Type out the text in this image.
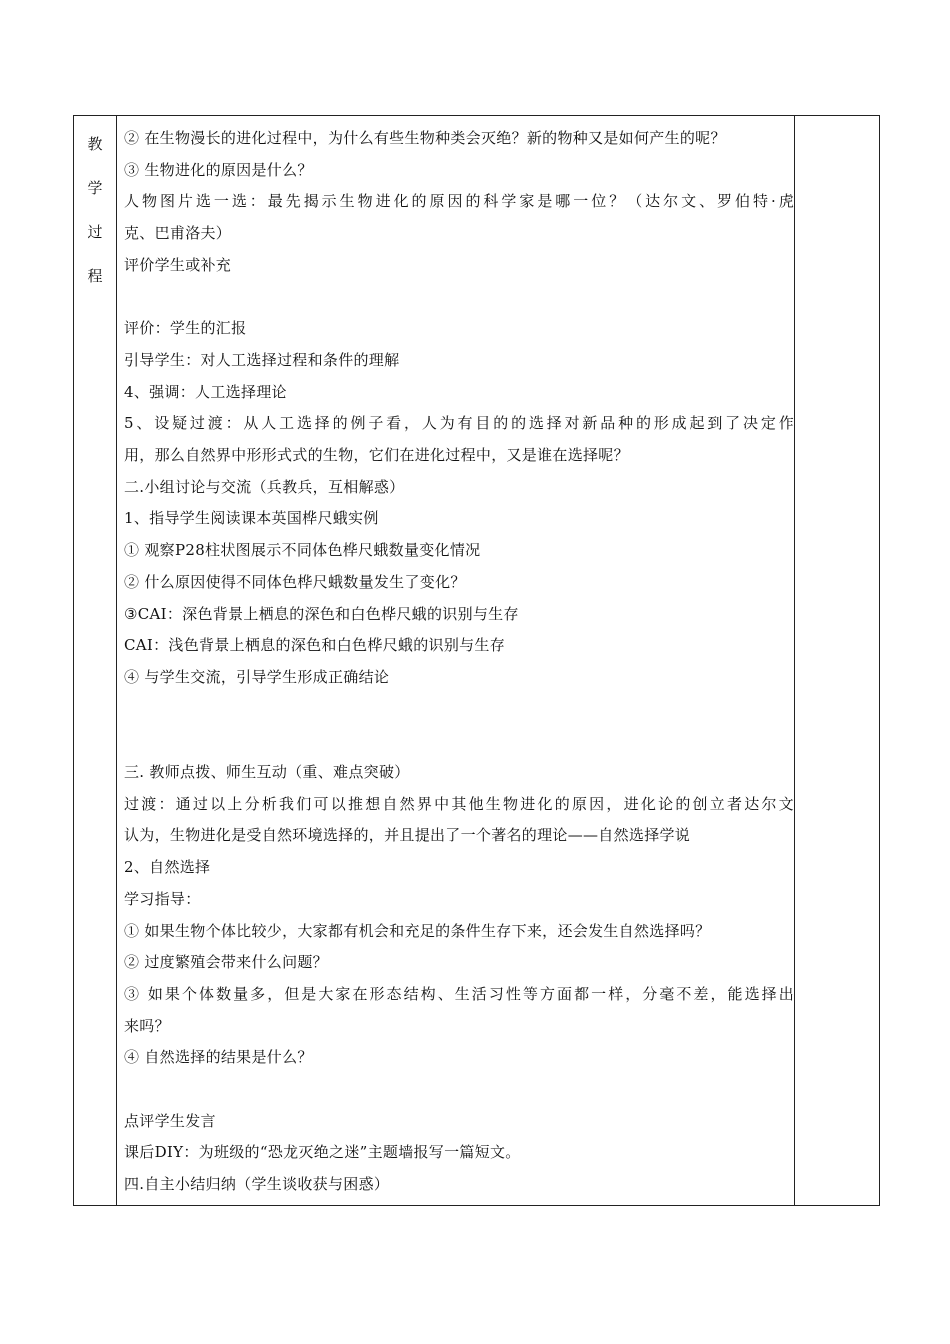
教
学
过
程
② 在生物漫长的进化过程中，为什么有些生物种类会灭绝？新的物种又是如何产生的呢？
③ 生物进化的原因是什么？
人物图片选一选：最先揭示生物进化的原因的科学家是哪一位？（达尔文、罗伯特·虎
克、巴甫洛夫）
评价学生或补充
评价：学生的汇报
引导学生：对人工选择过程和条件的理解
4、强调：人工选择理论
5、设疑过渡：从人工选择的例子看，人为有目的的选择对新品种的形成起到了决定作
用，那么自然界中形形式式的生物，它们在进化过程中，又是谁在选择呢？
二.小组讨论与交流（兵教兵，互相解惑）
1、指导学生阅读课本英国桦尺蛾实例
① 观察P28柱状图展示不同体色桦尺蛾数量变化情况
② 什么原因使得不同体色桦尺蛾数量发生了变化？
③CAI：深色背景上栖息的深色和白色桦尺蛾的识别与生存
CAI：浅色背景上栖息的深色和白色桦尺蛾的识别与生存
④ 与学生交流，引导学生形成正确结论
三. 教师点拨、师生互动（重、难点突破）
过渡：通过以上分析我们可以推想自然界中其他生物进化的原因，进化论的创立者达尔文
认为，生物进化是受自然环境选择的，并且提出了一个著名的理论——自然选择学说
2、自然选择
学习指导：
① 如果生物个体比较少，大家都有机会和充足的条件生存下来，还会发生自然选择吗？
② 过度繁殖会带来什么问题？
③ 如果个体数量多，但是大家在形态结构、生活习性等方面都一样，分毫不差，能选择出
来吗？
④ 自然选择的结果是什么？
点评学生发言
课后DIY：为班级的“恐龙灭绝之迷”主题墙报写一篇短文。
四.自主小结归纳（学生谈收获与困惑）
